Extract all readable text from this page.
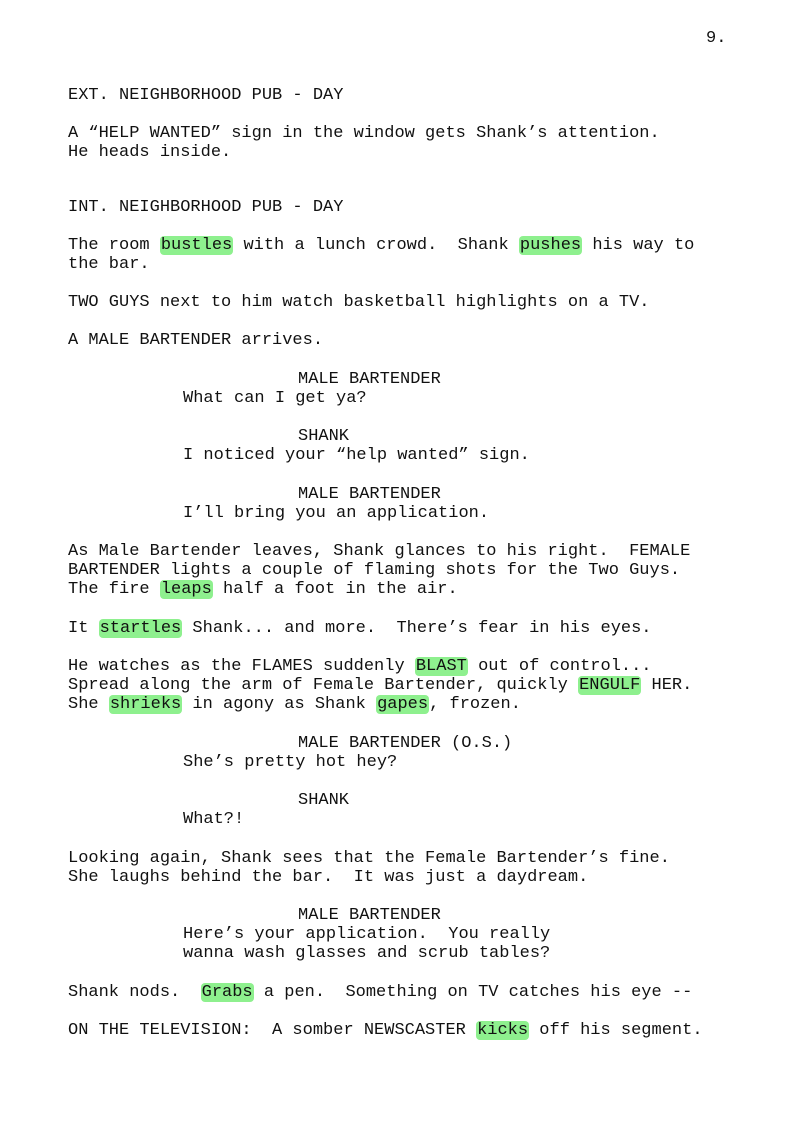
9.
EXT. NEIGHBORHOOD PUB - DAY
A “HELP WANTED” sign in the window gets Shank’s attention.
He heads inside.
INT. NEIGHBORHOOD PUB - DAY
The room bustles with a lunch crowd.  Shank pushes his way to
the bar.
TWO GUYS next to him watch basketball highlights on a TV.
A MALE BARTENDER arrives.
MALE BARTENDER
What can I get ya?
SHANK
I noticed your “help wanted” sign.
MALE BARTENDER
I’ll bring you an application.
As Male Bartender leaves, Shank glances to his right.  FEMALE
BARTENDER lights a couple of flaming shots for the Two Guys.
The fire leaps half a foot in the air.
It startles Shank... and more.  There’s fear in his eyes.
He watches as the FLAMES suddenly BLAST out of control...
Spread along the arm of Female Bartender, quickly ENGULF HER.
She shrieks in agony as Shank gapes, frozen.
MALE BARTENDER (O.S.)
She’s pretty hot hey?
SHANK
What?!
Looking again, Shank sees that the Female Bartender’s fine.
She laughs behind the bar.  It was just a daydream.
MALE BARTENDER
Here’s your application.  You really
wanna wash glasses and scrub tables?
Shank nods.  Grabs a pen.  Something on TV catches his eye --
ON THE TELEVISION:  A somber NEWSCASTER kicks off his segment.
